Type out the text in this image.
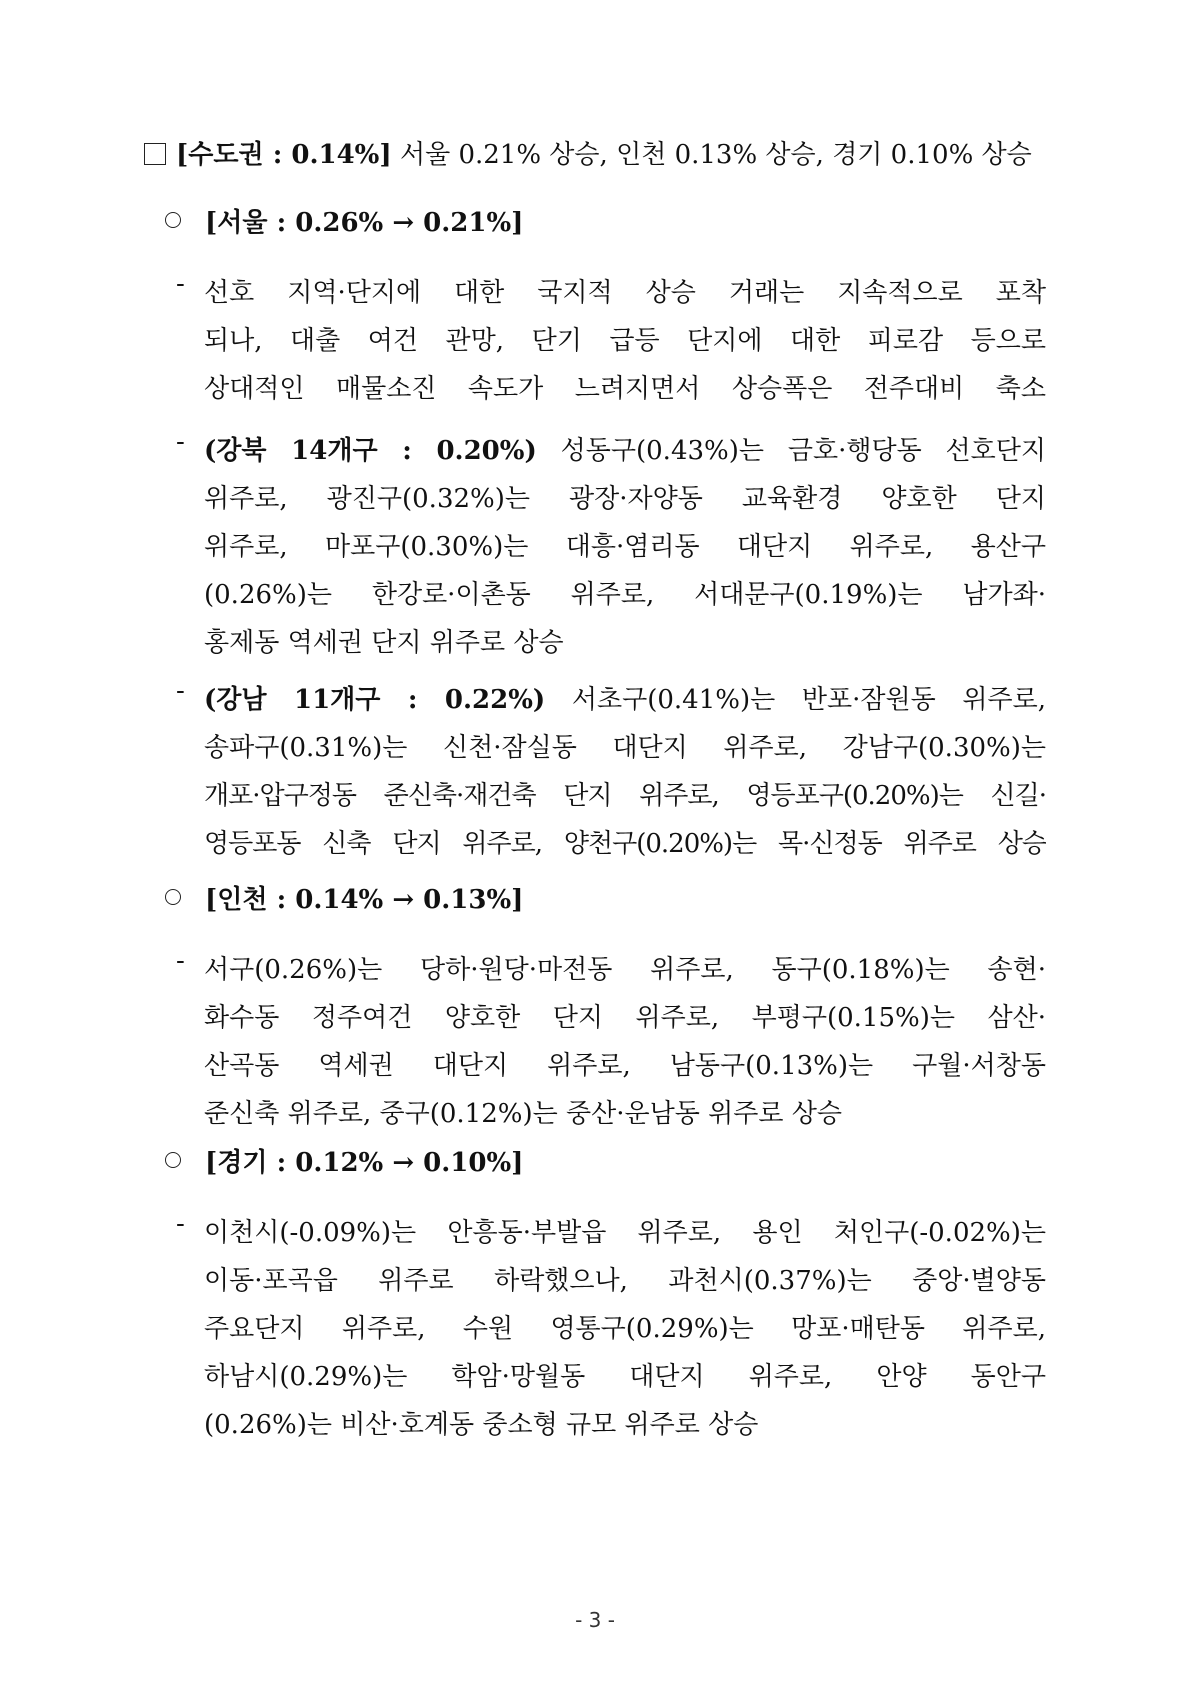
[수도권 : 0.14%] 서울 0.21% 상승, 인천 0.13% 상승, 경기 0.10% 상승
[서울 : 0.26% → 0.21%]
- 선호 지역·단지에 대한 국지적 상승 거래는 지속적으로 포착
되나, 대출 여건 관망, 단기 급등 단지에 대한 피로감 등으로
상대적인 매물소진 속도가 느려지면서 상승폭은 전주대비 축소
- (강북 14개구 : 0.20%) 성동구(0.43%)는 금호·행당동 선호단지
위주로, 광진구(0.32%)는 광장·자양동 교육환경 양호한 단지
위주로, 마포구(0.30%)는 대흥·염리동 대단지 위주로, 용산구
(0.26%)는 한강로·이촌동 위주로, 서대문구(0.19%)는 남가좌·
홍제동 역세권 단지 위주로 상승
- (강남 11개구 : 0.22%) 서초구(0.41%)는 반포·잠원동 위주로,
송파구(0.31%)는 신천·잠실동 대단지 위주로, 강남구(0.30%)는
개포·압구정동 준신축·재건축 단지 위주로, 영등포구(0.20%)는 신길·
영등포동 신축 단지 위주로, 양천구(0.20%)는 목·신정동 위주로 상승
[인천 : 0.14% → 0.13%]
- 서구(0.26%)는 당하·원당·마전동 위주로, 동구(0.18%)는 송현·
화수동 정주여건 양호한 단지 위주로, 부평구(0.15%)는 삼산·
산곡동 역세권 대단지 위주로, 남동구(0.13%)는 구월·서창동
준신축 위주로, 중구(0.12%)는 중산·운남동 위주로 상승
[경기 : 0.12% → 0.10%]
- 이천시(-0.09%)는 안흥동·부발읍 위주로, 용인 처인구(-0.02%)는
이동·포곡읍 위주로 하락했으나, 과천시(0.37%)는 중앙·별양동
주요단지 위주로, 수원 영통구(0.29%)는 망포·매탄동 위주로,
하남시(0.29%)는 학암·망월동 대단지 위주로, 안양 동안구
(0.26%)는 비산·호계동 중소형 규모 위주로 상승
- 3 -
